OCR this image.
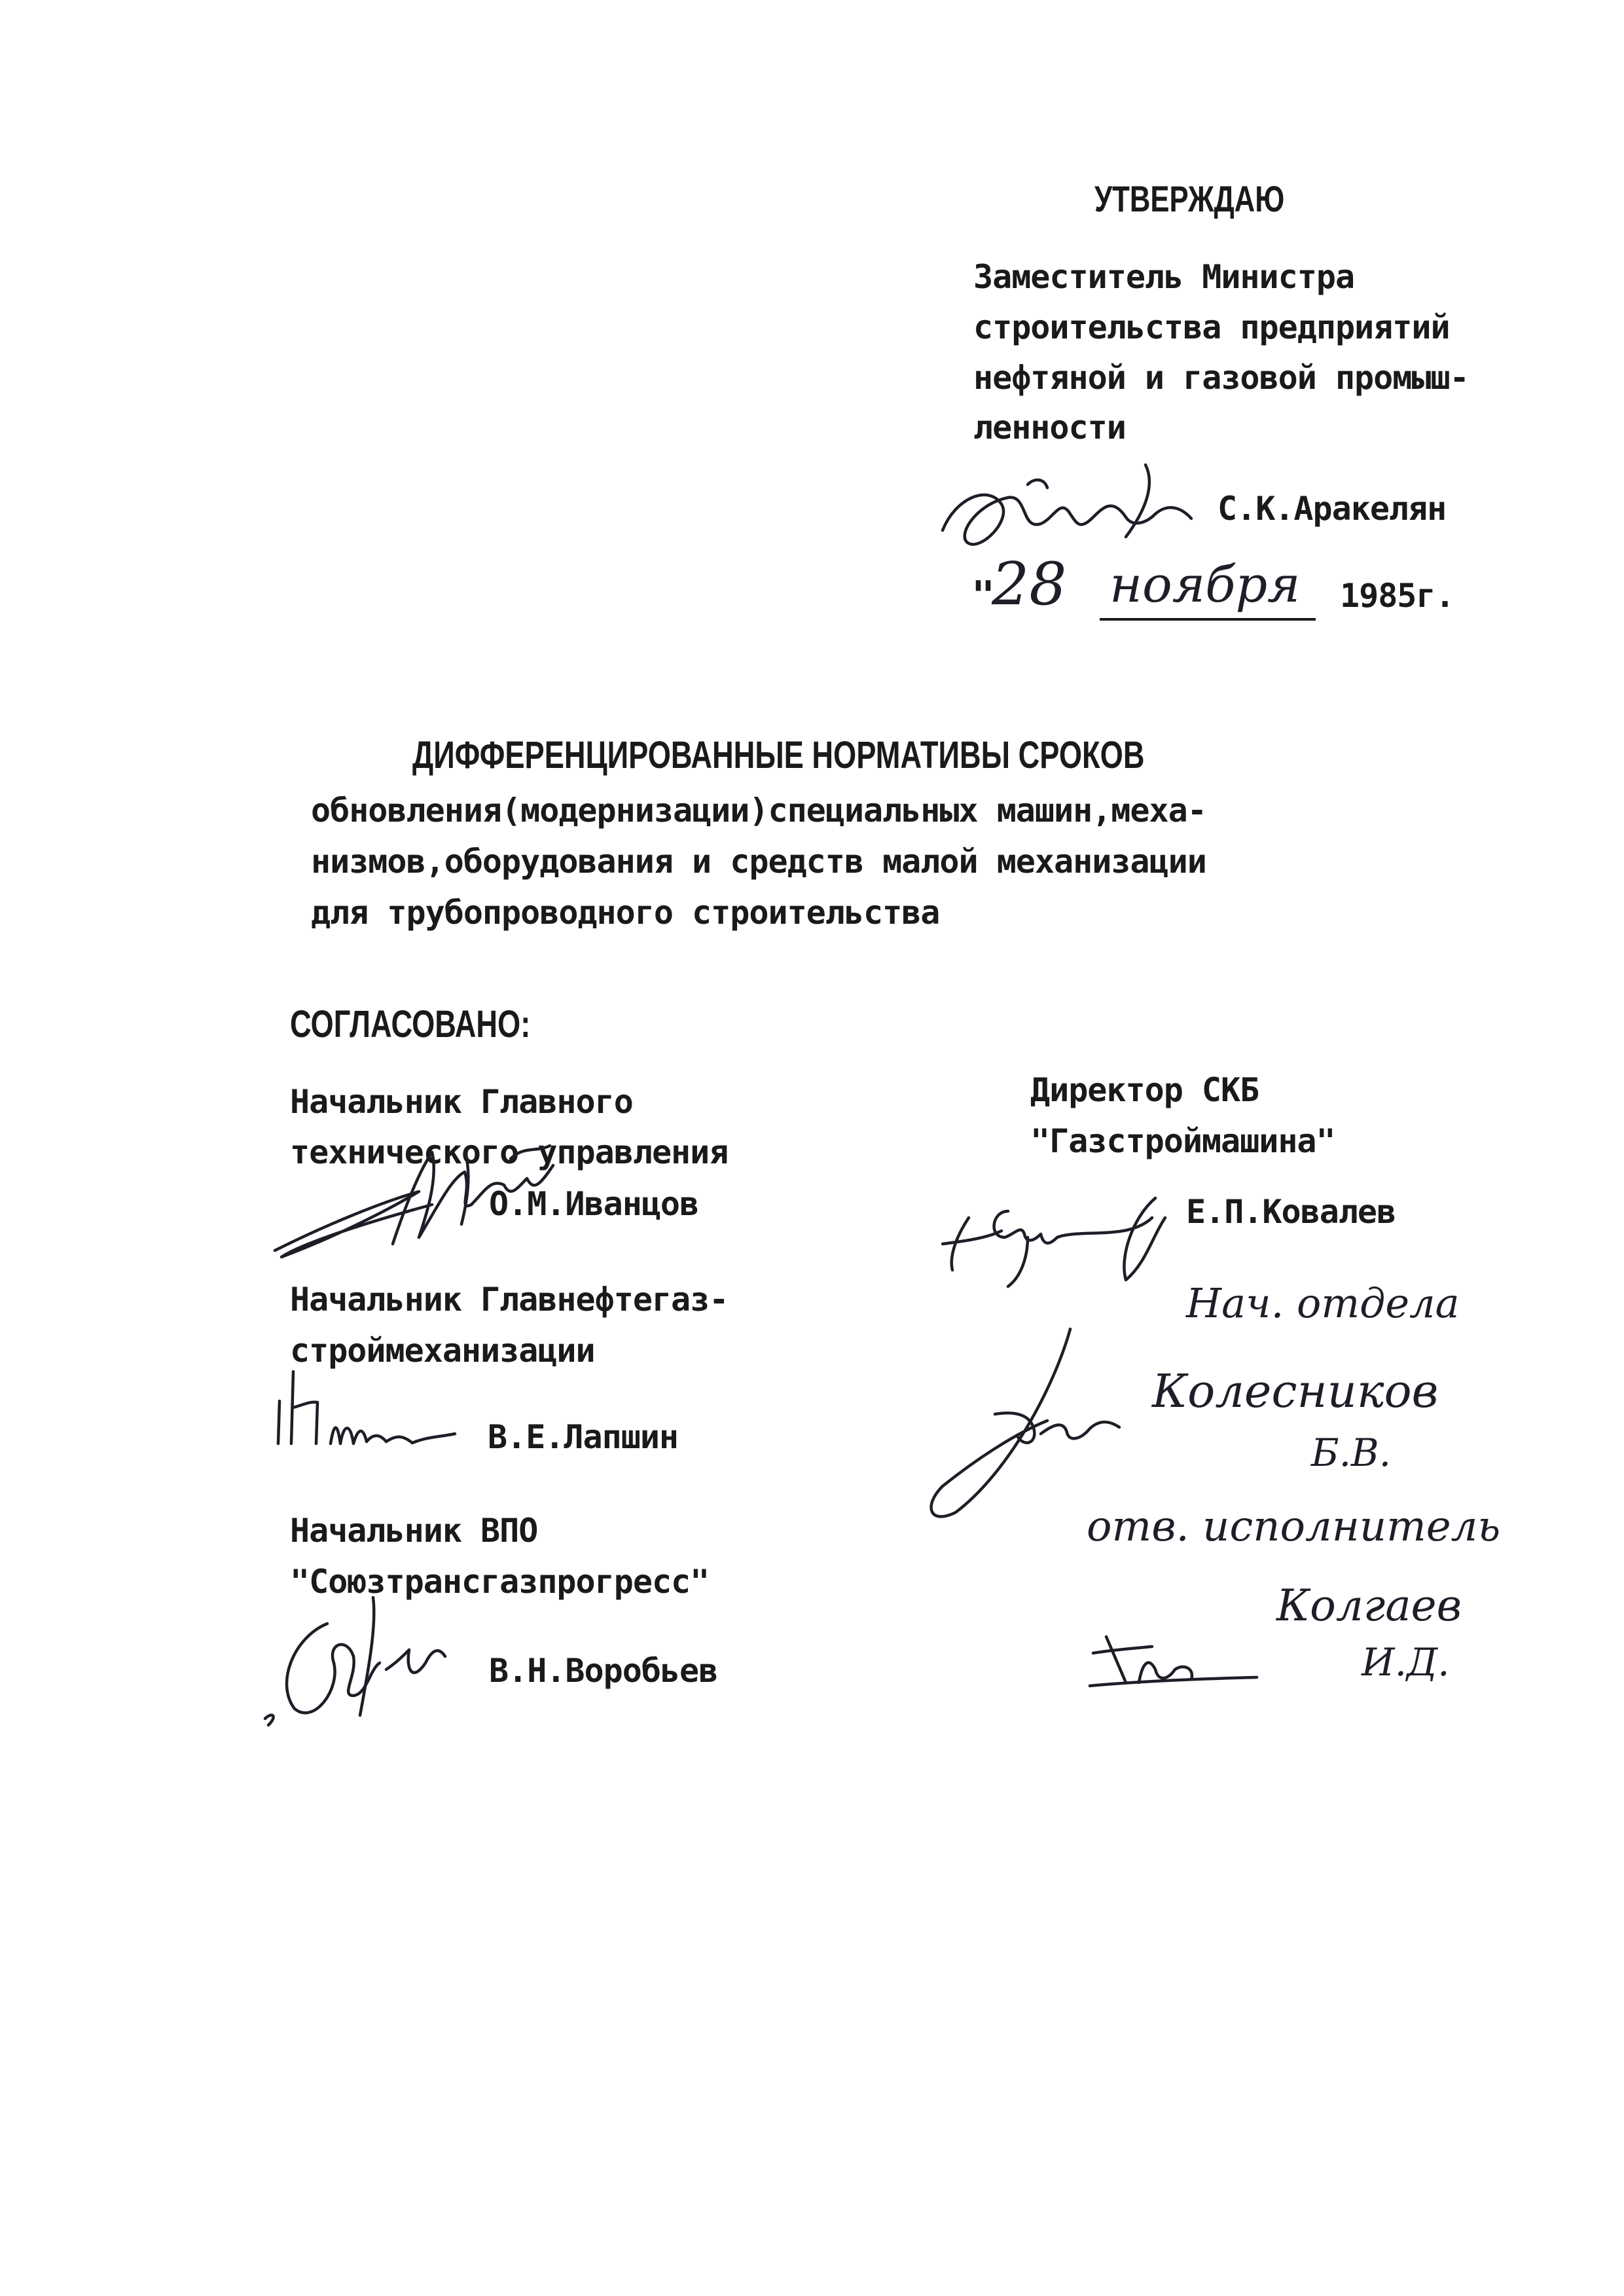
УТВЕРЖДАЮ
Заместитель Министра
строительства предприятий
нефтяной и газовой промыш-
ленности
С.К.Аракелян
"
28 ноября 1985г.
ДИФФЕРЕНЦИРОВАННЫЕ НОРМАТИВЫ СРОКОВ
обновления(модернизации)специальных машин,меха-
низмов,оборудования и средств малой механизации
для трубопроводного строительства
СОГЛАСОВАНО:
Начальник Главного
технического управления
О.М.Иванцов
Начальник Главнефтегаз-
строймеханизации
В.Е.Лапшин
Начальник ВПО
"Союзтрансгазпрогресс"
В.Н.Воробьев
Директор СКБ
"Газстроймашина"
Е.П.Ковалев
Нач. отдела
Колесников
Б.В.
отв. исполнитель
Колгаев
И.Д.
